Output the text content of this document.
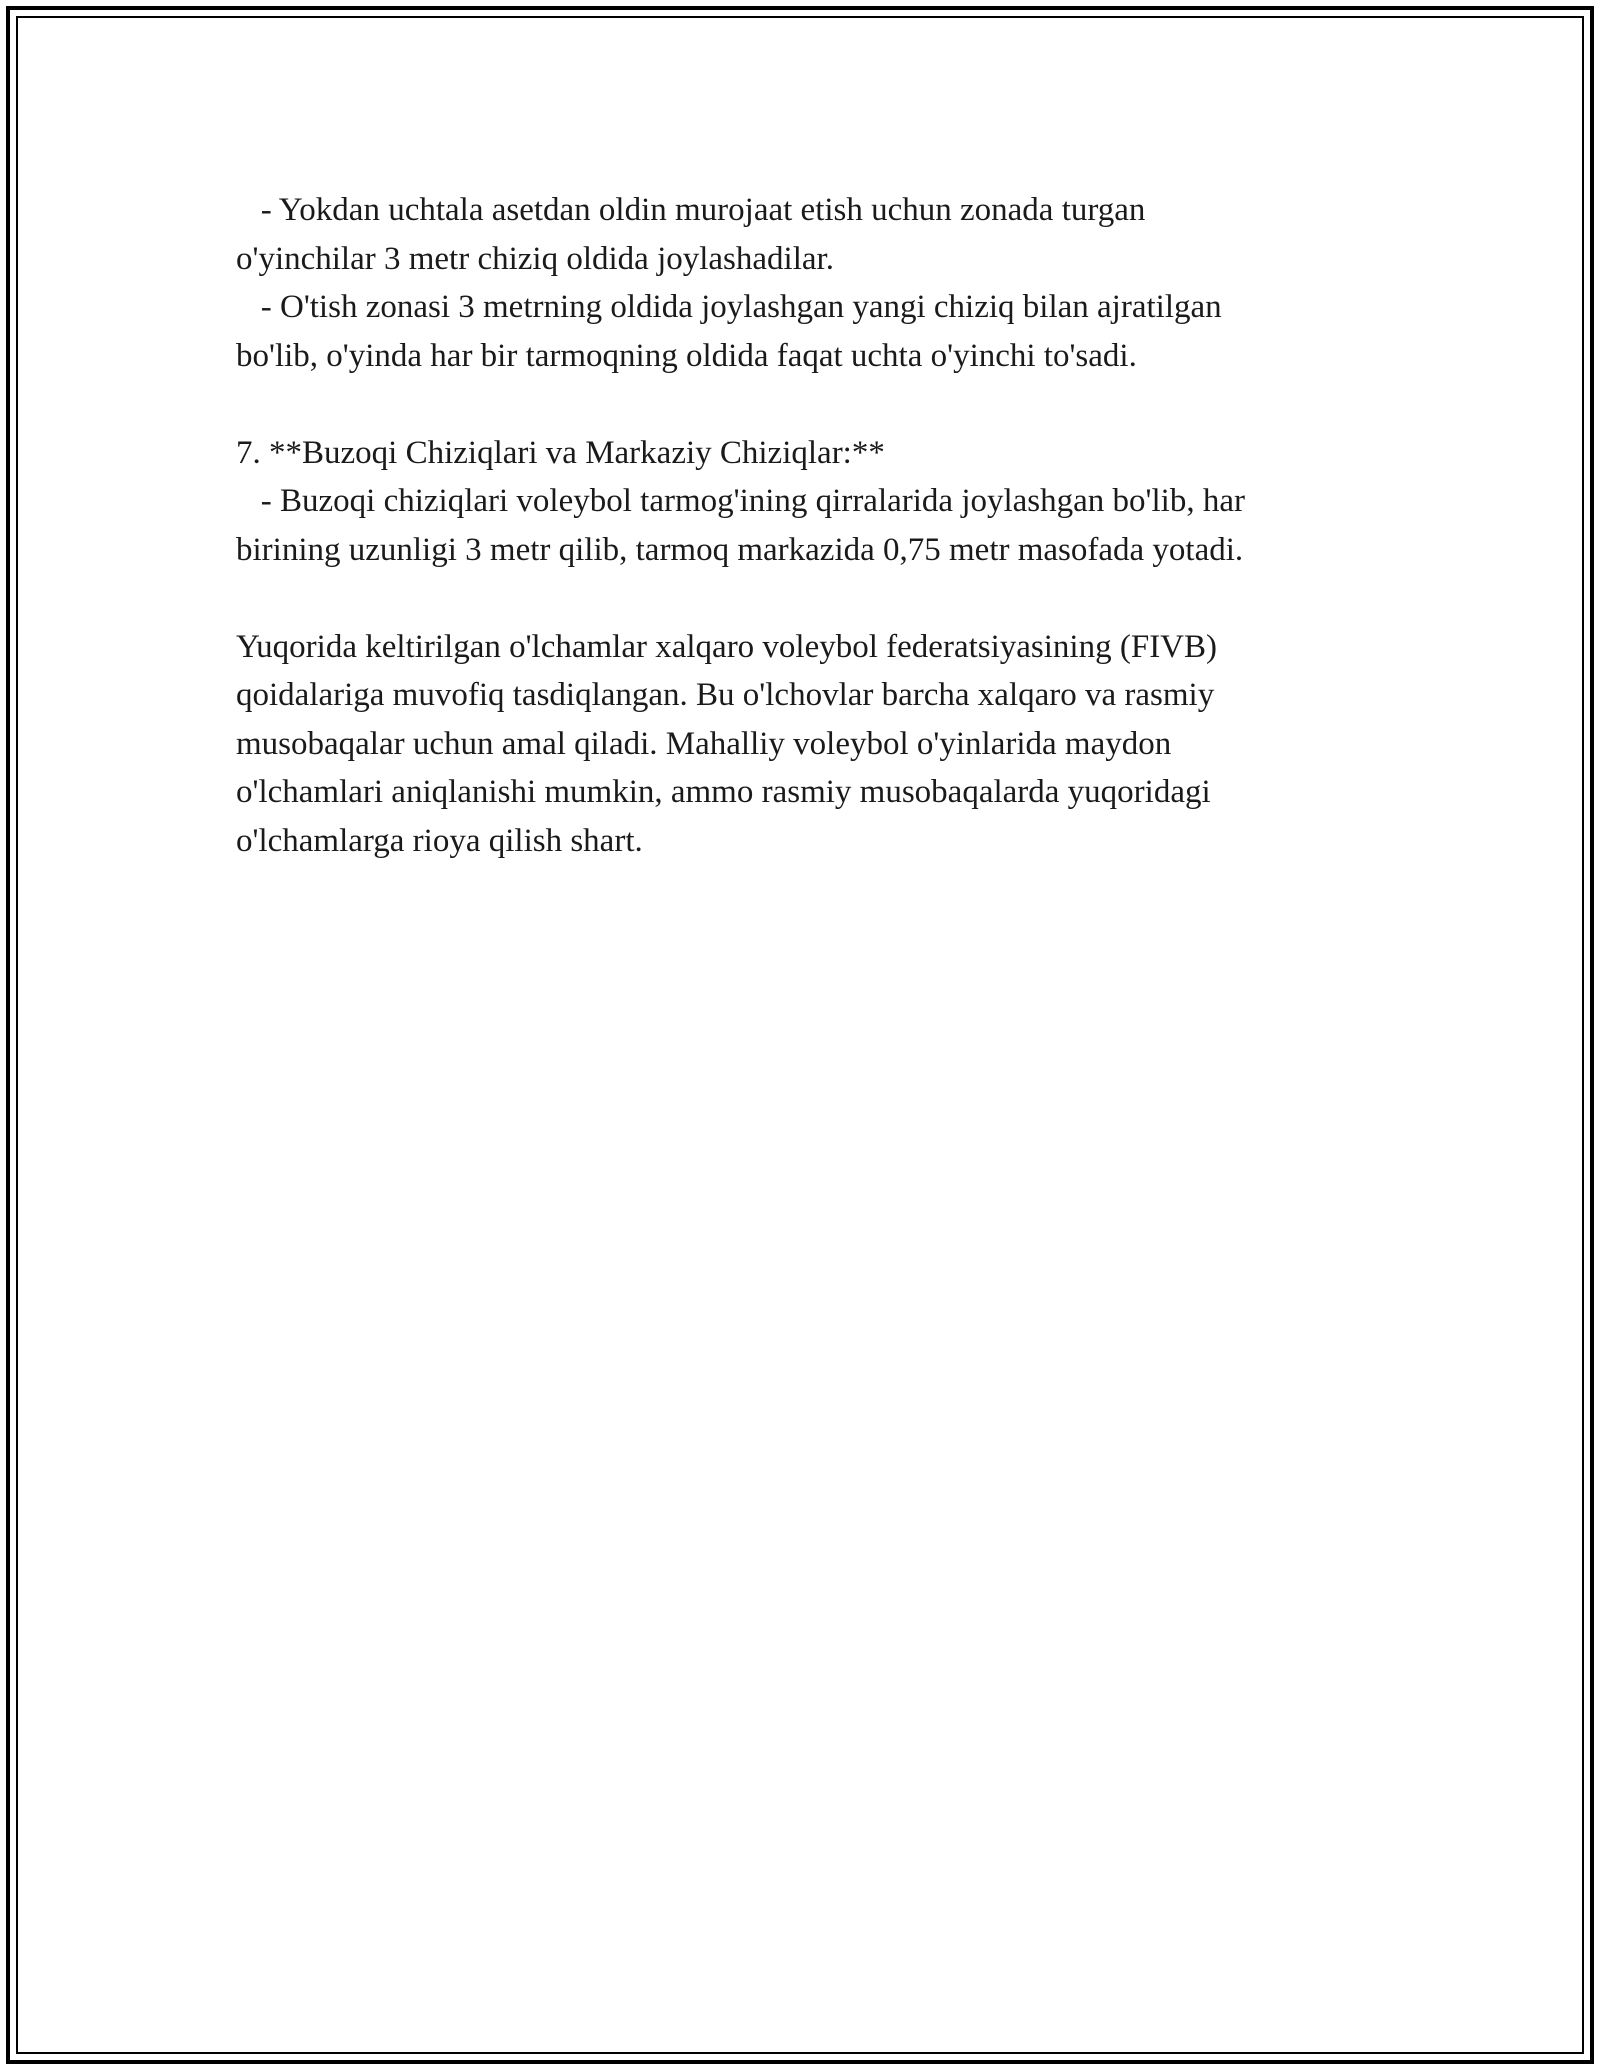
- Yokdan uchtala asetdan oldin murojaat etish uchun zonada turgan

o'yinchilar 3 metr chiziq oldida joylashadilar.

- O'tish zonasi 3 metrning oldida joylashgan yangi chiziq bilan ajratilgan

bo'lib, o'yinda har bir tarmoqning oldida faqat uchta o'yinchi to'sadi.

7. **Buzoqi Chiziqlari va Markaziy Chiziqlar:**

- Buzoqi chiziqlari voleybol tarmog'ining qirralarida joylashgan bo'lib, har

birining uzunligi 3 metr qilib, tarmoq markazida 0,75 metr masofada yotadi.

Yuqorida keltirilgan o'lchamlar xalqaro voleybol federatsiyasining (FIVB)

qoidalariga muvofiq tasdiqlangan. Bu o'lchovlar barcha xalqaro va rasmiy

musobaqalar uchun amal qiladi. Mahalliy voleybol o'yinlarida maydon

o'lchamlari aniqlanishi mumkin, ammo rasmiy musobaqalarda yuqoridagi

o'lchamlarga rioya qilish shart.
